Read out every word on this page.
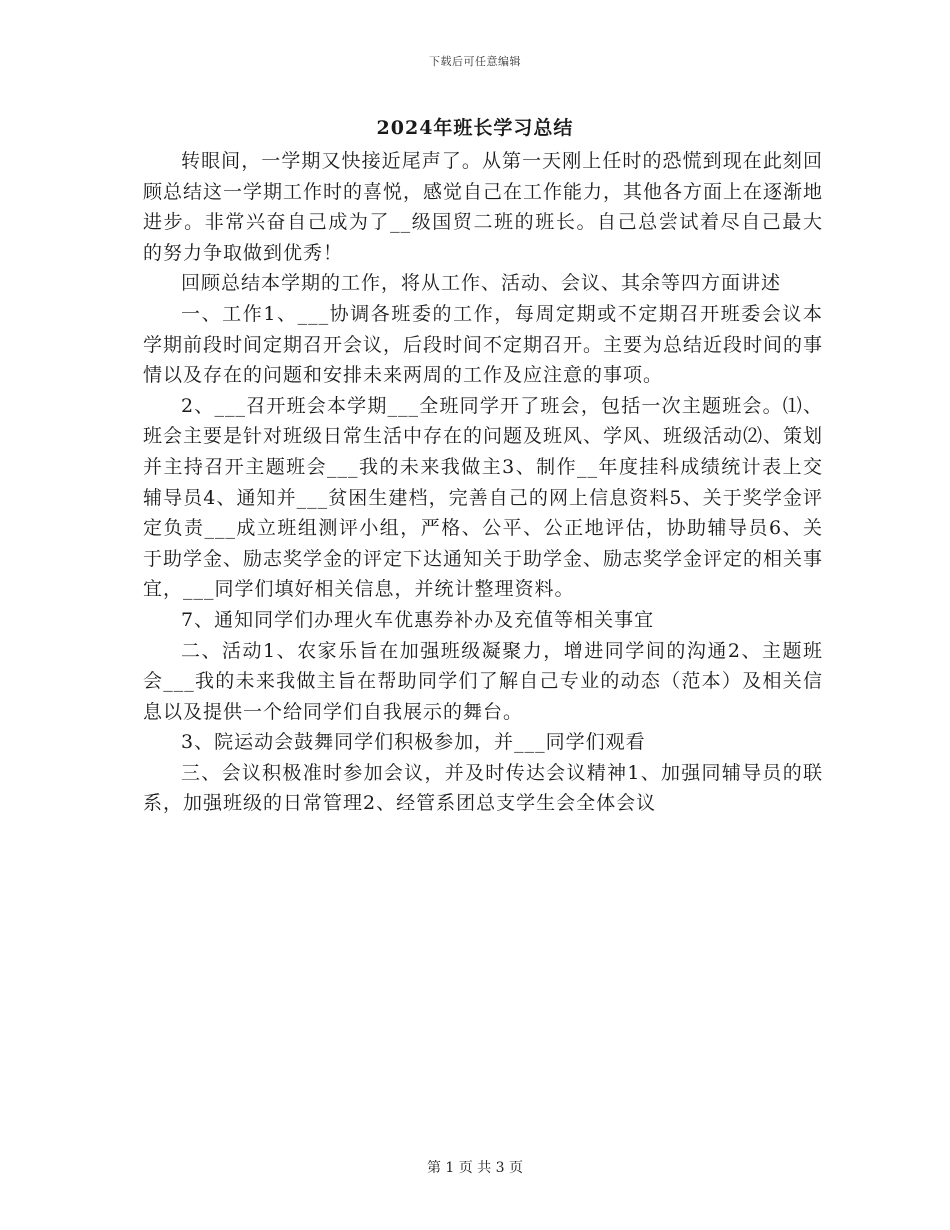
下载后可任意编辑
2024年班长学习总结

转眼间，一学期又快接近尾声了。从第一天刚上任时的恐慌到现在此刻回顾总结这一学期工作时的喜悦，感觉自己在工作能力，其他各方面上在逐渐地进步。非常兴奋自己成为了__级国贸二班的班长。自己总尝试着尽自己最大的努力争取做到优秀！

回顾总结本学期的工作，将从工作、活动、会议、其余等四方面讲述

一、工作1、___协调各班委的工作，每周定期或不定期召开班委会议本学期前段时间定期召开会议，后段时间不定期召开。主要为总结近段时间的事情以及存在的问题和安排未来两周的工作及应注意的事项。

2、___召开班会本学期___全班同学开了班会，包括一次主题班会。⑴、班会主要是针对班级日常生活中存在的问题及班风、学风、班级活动⑵、策划并主持召开主题班会___我的未来我做主3、制作__年度挂科成绩统计表上交辅导员4、通知并___贫困生建档，完善自己的网上信息资料5、关于奖学金评定负责___成立班组测评小组，严格、公平、公正地评估，协助辅导员6、关于助学金、励志奖学金的评定下达通知关于助学金、励志奖学金评定的相关事宜，___同学们填好相关信息，并统计整理资料。

7、通知同学们办理火车优惠券补办及充值等相关事宜

二、活动1、农家乐旨在加强班级凝聚力，增进同学间的沟通2、主题班会___我的未来我做主旨在帮助同学们了解自己专业的动态（范本）及相关信息以及提供一个给同学们自我展示的舞台。

3、院运动会鼓舞同学们积极参加，并___同学们观看

三、会议积极准时参加会议，并及时传达会议精神1、加强同辅导员的联系，加强班级的日常管理2、经管系团总支学生会全体会议

第 1 页 共 3 页
